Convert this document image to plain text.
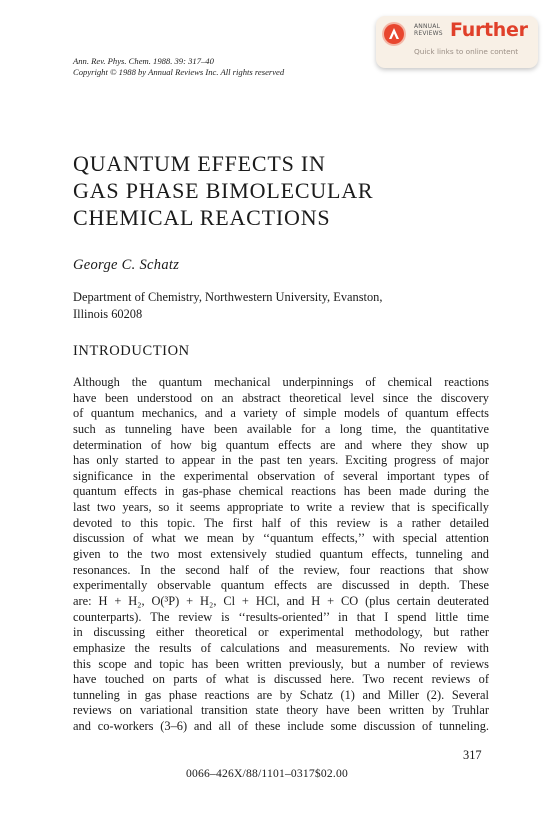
Ann. Rev. Phys. Chem. 1988. 39: 317–40
Copyright © 1988 by Annual Reviews Inc. All rights reserved
ANNUAL
REVIEWS Further
Quick links to online content
QUANTUM EFFECTS IN
GAS PHASE BIMOLECULAR
CHEMICAL REACTIONS
George C. Schatz
Department of Chemistry, Northwestern University, Evanston,
Illinois 60208
INTRODUCTION
Although the quantum mechanical underpinnings of chemical reactions
have been understood on an abstract theoretical level since the discovery
of quantum mechanics, and a variety of simple models of quantum effects
such as tunneling have been available for a long time, the quantitative
determination of how big quantum effects are and where they show up
has only started to appear in the past ten years. Exciting progress of major
significance in the experimental observation of several important types of
quantum effects in gas-phase chemical reactions has been made during the
last two years, so it seems appropriate to write a review that is specifically
devoted to this topic. The first half of this review is a rather detailed
discussion of what we mean by ‘‘quantum effects,’’ with special attention
given to the two most extensively studied quantum effects, tunneling and
resonances. In the second half of the review, four reactions that show
experimentally observable quantum effects are discussed in depth. These
are: H + H₂, O(³P) + H₂, Cl + HCl, and H + CO (plus certain deuterated
counterparts). The review is ‘‘results-oriented’’ in that I spend little time
in discussing either theoretical or experimental methodology, but rather
emphasize the results of calculations and measurements. No review with
this scope and topic has been written previously, but a number of reviews
have touched on parts of what is discussed here. Two recent reviews of
tunneling in gas phase reactions are by Schatz (1) and Miller (2). Several
reviews on variational transition state theory have been written by Truhlar
and co-workers (3–6) and all of these include some discussion of tunneling.
317
0066–426X/88/1101–0317$02.00
